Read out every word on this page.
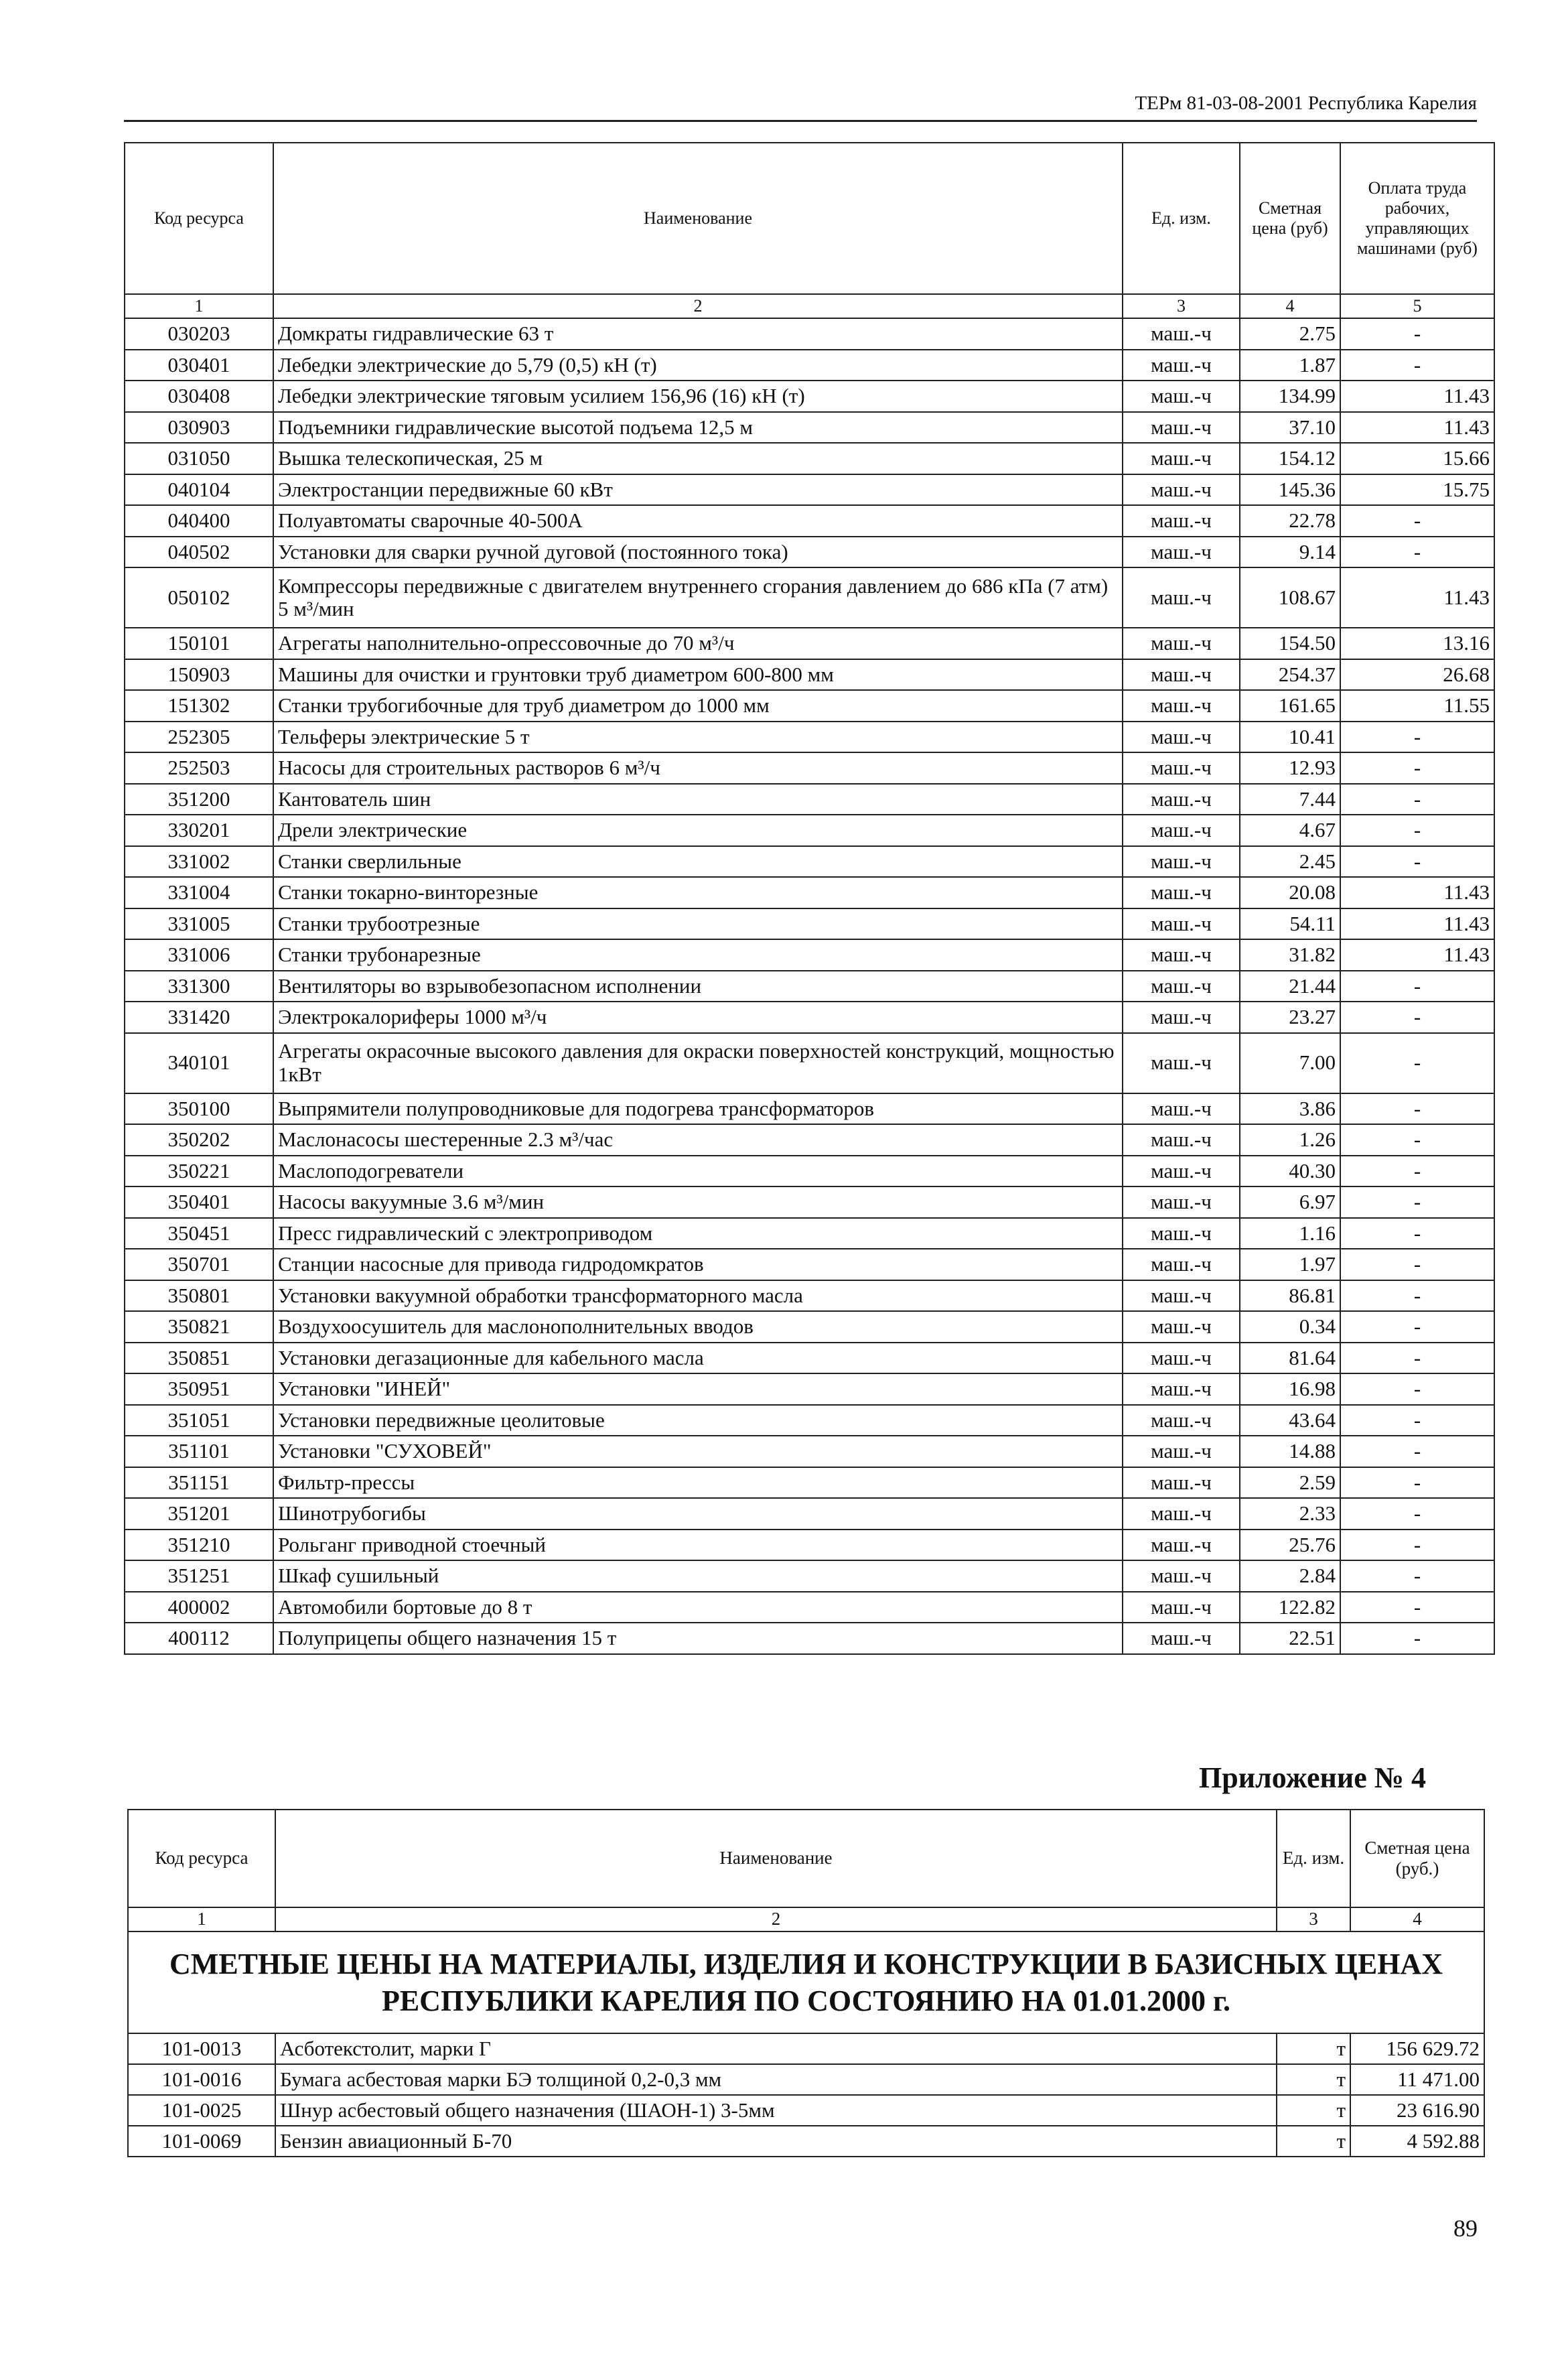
ТЕРм 81-03-08-2001 Республика Карелия
Код ресурса	Наименование	Ед. изм.	Сметная цена (руб)	Оплата труда рабочих, управляющих машинами (руб)
1	2	3	4	5
030203	Домкраты гидравлические 63 т	маш.-ч	2.75	-
030401	Лебедки электрические до 5,79 (0,5) кН (т)	маш.-ч	1.87	-
030408	Лебедки электрические тяговым усилием 156,96 (16) кН (т)	маш.-ч	134.99	11.43
030903	Подъемники гидравлические высотой подъема 12,5 м	маш.-ч	37.10	11.43
031050	Вышка телескопическая, 25 м	маш.-ч	154.12	15.66
040104	Электростанции передвижные 60 кВт	маш.-ч	145.36	15.75
040400	Полуавтоматы сварочные 40-500А	маш.-ч	22.78	-
040502	Установки для сварки ручной дуговой (постоянного тока)	маш.-ч	9.14	-
050102	Компрессоры передвижные с двигателем внутреннего сгорания давлением до 686 кПа (7 атм) 5 м³/мин	маш.-ч	108.67	11.43
150101	Агрегаты наполнительно-опрессовочные до 70 м³/ч	маш.-ч	154.50	13.16
150903	Машины для очистки и грунтовки труб диаметром 600-800 мм	маш.-ч	254.37	26.68
151302	Станки трубогибочные для труб диаметром до 1000 мм	маш.-ч	161.65	11.55
252305	Тельферы электрические 5 т	маш.-ч	10.41	-
252503	Насосы для строительных растворов 6 м³/ч	маш.-ч	12.93	-
351200	Кантователь шин	маш.-ч	7.44	-
330201	Дрели электрические	маш.-ч	4.67	-
331002	Станки сверлильные	маш.-ч	2.45	-
331004	Станки токарно-винторезные	маш.-ч	20.08	11.43
331005	Станки трубоотрезные	маш.-ч	54.11	11.43
331006	Станки трубонарезные	маш.-ч	31.82	11.43
331300	Вентиляторы во взрывобезопасном исполнении	маш.-ч	21.44	-
331420	Электрокалориферы 1000 м³/ч	маш.-ч	23.27	-
340101	Агрегаты окрасочные высокого давления для окраски поверхностей конструкций, мощностью 1кВт	маш.-ч	7.00	-
350100	Выпрямители полупроводниковые для подогрева трансформаторов	маш.-ч	3.86	-
350202	Маслонасосы шестеренные 2.3 м³/час	маш.-ч	1.26	-
350221	Маслоподогреватели	маш.-ч	40.30	-
350401	Насосы вакуумные 3.6 м³/мин	маш.-ч	6.97	-
350451	Пресс гидравлический с электроприводом	маш.-ч	1.16	-
350701	Станции насосные для привода гидродомкратов	маш.-ч	1.97	-
350801	Установки вакуумной обработки трансформаторного масла	маш.-ч	86.81	-
350821	Воздухоосушитель для маслонополнительных вводов	маш.-ч	0.34	-
350851	Установки дегазационные для кабельного масла	маш.-ч	81.64	-
350951	Установки "ИНЕЙ"	маш.-ч	16.98	-
351051	Установки передвижные цеолитовые	маш.-ч	43.64	-
351101	Установки "СУХОВЕЙ"	маш.-ч	14.88	-
351151	Фильтр-прессы	маш.-ч	2.59	-
351201	Шинотрубогибы	маш.-ч	2.33	-
351210	Рольганг приводной стоечный	маш.-ч	25.76	-
351251	Шкаф сушильный	маш.-ч	2.84	-
400002	Автомобили бортовые до 8 т	маш.-ч	122.82	-
400112	Полуприцепы общего назначения 15 т	маш.-ч	22.51	-
Приложение № 4
Код ресурса	Наименование	Ед. изм.	Сметная цена (руб.)
1	2	3	4
СМЕТНЫЕ ЦЕНЫ НА МАТЕРИАЛЫ, ИЗДЕЛИЯ И КОНСТРУКЦИИ В БАЗИСНЫХ ЦЕНАХ РЕСПУБЛИКИ КАРЕЛИЯ ПО СОСТОЯНИЮ НА 01.01.2000 г.			
101-0013	Асботекстолит, марки Г	т	156 629.72
101-0016	Бумага асбестовая марки БЭ толщиной 0,2-0,3 мм	т	11 471.00
101-0025	Шнур асбестовый общего назначения (ШАОН-1) 3-5мм	т	23 616.90
101-0069	Бензин авиационный Б-70	т	4 592.88
89
